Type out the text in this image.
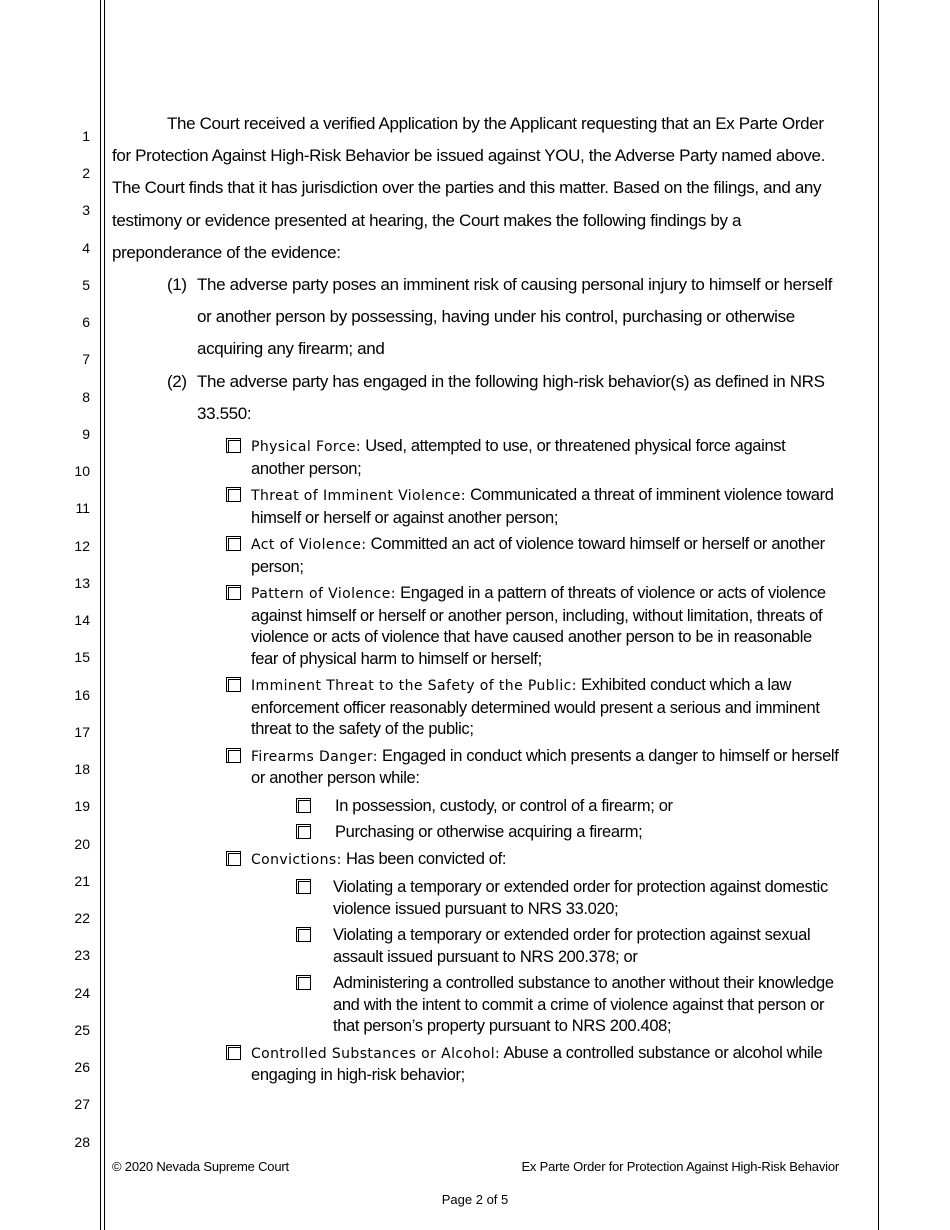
1
2
3
4
5
6
7
8
9
10
11
12
13
14
15
16
17
18
19
20
21
22
23
24
25
26
27
28

The Court received a verified Application by the Applicant requesting that an Ex Parte Order for Protection Against High-Risk Behavior be issued against YOU, the Adverse Party named above. The Court finds that it has jurisdiction over the parties and this matter. Based on the filings, and any testimony or evidence presented at hearing, the Court makes the following findings by a preponderance of the evidence:

(1) The adverse party poses an imminent risk of causing personal injury to himself or herself or another person by possessing, having under his control, purchasing or otherwise acquiring any firearm; and
(2) The adverse party has engaged in the following high-risk behavior(s) as defined in NRS 33.550:
Physical Force: Used, attempted to use, or threatened physical force against another person;
Threat of Imminent Violence: Communicated a threat of imminent violence toward himself or herself or against another person;
Act of Violence: Committed an act of violence toward himself or herself or another person;
Pattern of Violence: Engaged in a pattern of threats of violence or acts of violence against himself or herself or another person, including, without limitation, threats of violence or acts of violence that have caused another person to be in reasonable fear of physical harm to himself or herself;
Imminent Threat to the Safety of the Public: Exhibited conduct which a law enforcement officer reasonably determined would present a serious and imminent threat to the safety of the public;
Firearms Danger: Engaged in conduct which presents a danger to himself or herself or another person while:
In possession, custody, or control of a firearm; or
Purchasing or otherwise acquiring a firearm;
Convictions: Has been convicted of:
Violating a temporary or extended order for protection against domestic violence issued pursuant to NRS 33.020;
Violating a temporary or extended order for protection against sexual assault issued pursuant to NRS 200.378; or
Administering a controlled substance to another without their knowledge and with the intent to commit a crime of violence against that person or that person’s property pursuant to NRS 200.408;
Controlled Substances or Alcohol: Abuse a controlled substance or alcohol while engaging in high-risk behavior;
© 2020 Nevada Supreme Court	Ex Parte Order for Protection Against High-Risk Behavior
Page 2 of 5
